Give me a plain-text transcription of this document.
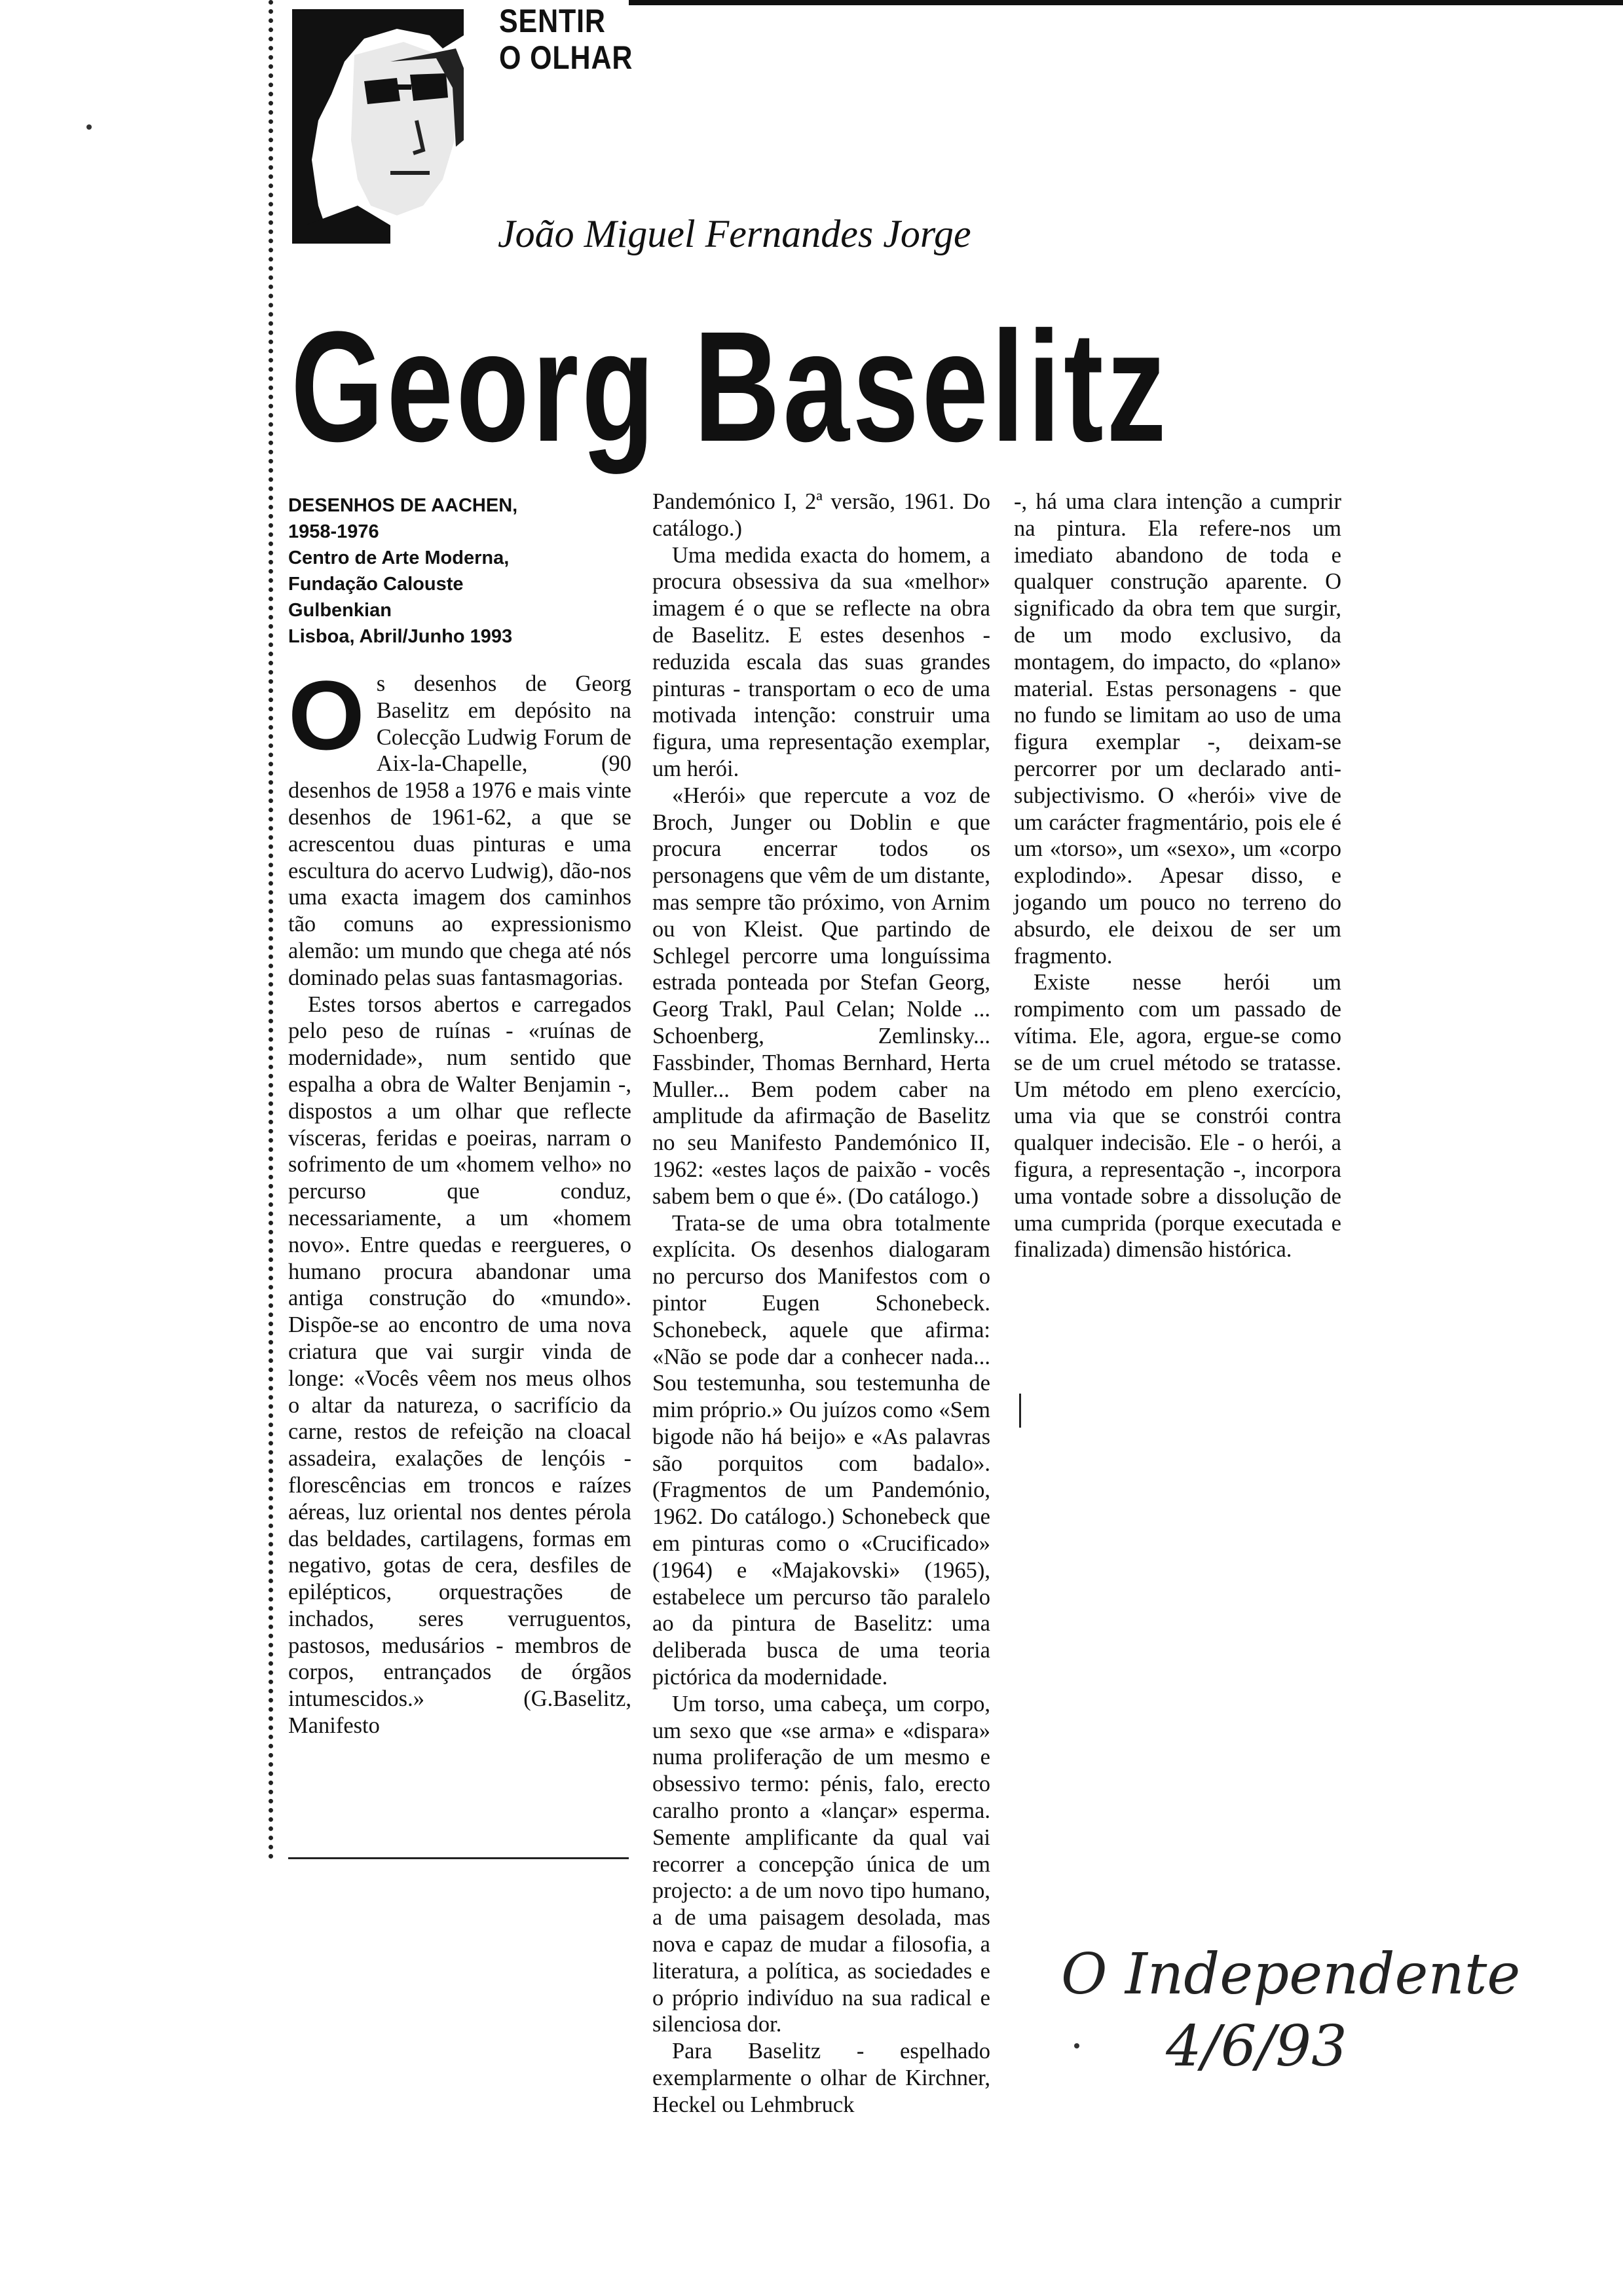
SENTIR
O OLHAR
João Miguel Fernandes Jorge
Georg Baselitz
DESENHOS DE AACHEN,
1958-1976
Centro de Arte Moderna,
Fundação Calouste
Gulbenkian
Lisboa, Abril/Junho 1993
O s desenhos de Georg Baselitz em depósito na Colecção Ludwig Forum de Aix-la-Chapelle, (90 desenhos de 1958 a 1976 e mais vinte desenhos de 1961-62, a que se acrescentou duas pinturas e uma escultura do acervo Ludwig), dão-nos uma exacta imagem dos caminhos tão comuns ao expressionismo alemão: um mundo que chega até nós dominado pelas suas fantasmagorias.

Estes torsos abertos e carregados pelo peso de ruínas - «ruínas de modernidade», num sentido que espalha a obra de Walter Benjamin -, dispostos a um olhar que reflecte vísceras, feridas e poeiras, narram o sofrimento de um «homem velho» no percurso que conduz, necessariamente, a um «homem novo». Entre quedas e reergueres, o humano procura abandonar uma antiga construção do «mundo». Dispõe-se ao encontro de uma nova criatura que vai surgir vinda de longe: «Vocês vêem nos meus olhos o altar da natureza, o sacrifício da carne, restos de refeição na cloacal assadeira, exalações de lençóis - florescências em troncos e raízes aéreas, luz oriental nos dentes pérola das beldades, cartilagens, formas em negativo, gotas de cera, desfiles de epilépticos, orquestrações de inchados, seres verruguentos, pastosos, medusários - membros de corpos, entrançados de órgãos intumescidos.» (G.Baselitz, Manifesto

Pandemónico I, 2ª versão, 1961. Do catálogo.)

Uma medida exacta do homem, a procura obsessiva da sua «melhor» imagem é o que se reflecte na obra de Baselitz. E estes desenhos - reduzida escala das suas grandes pinturas - transportam o eco de uma motivada intenção: construir uma figura, uma representação exemplar, um herói.

«Herói» que repercute a voz de Broch, Junger ou Doblin e que procura encerrar todos os personagens que vêm de um distante, mas sempre tão próximo, von Arnim ou von Kleist. Que partindo de Schlegel percorre uma longuíssima estrada ponteada por Stefan Georg, Georg Trakl, Paul Celan; Nolde ... Schoenberg, Zemlinsky... Fassbinder, Thomas Bernhard, Herta Muller... Bem podem caber na amplitude da afirmação de Baselitz no seu Manifesto Pandemónico II, 1962: «estes laços de paixão - vocês sabem bem o que é». (Do catálogo.)

Trata-se de uma obra totalmente explícita. Os desenhos dialogaram no percurso dos Manifestos com o pintor Eugen Schonebeck. Schonebeck, aquele que afirma: «Não se pode dar a conhecer nada... Sou testemunha, sou testemunha de mim próprio.» Ou juízos como «Sem bigode não há beijo» e «As palavras são porquitos com badalo». (Fragmentos de um Pandemónio, 1962. Do catálogo.) Schonebeck que em pinturas como o «Crucificado» (1964) e «Majakovski» (1965), estabelece um percurso tão paralelo ao da pintura de Baselitz: uma deliberada busca de uma teoria pictórica da modernidade.

Um torso, uma cabeça, um corpo, um sexo que «se arma» e «dispara» numa proliferação de um mesmo e obsessivo termo: pénis, falo, erecto caralho pronto a «lançar» esperma. Semente amplificante da qual vai recorrer a concepção única de um projecto: a de um novo tipo humano, a de uma paisagem desolada, mas nova e capaz de mudar a filosofia, a literatura, a política, as sociedades e o próprio indivíduo na sua radical e silenciosa dor.

Para Baselitz - espelhado exemplarmente o olhar de Kirchner, Heckel ou Lehmbruck

-, há uma clara intenção a cumprir na pintura. Ela refere-nos um imediato abandono de toda e qualquer construção aparente. O significado da obra tem que surgir, de um modo exclusivo, da montagem, do impacto, do «plano» material. Estas personagens - que no fundo se limitam ao uso de uma figura exemplar -, deixam-se percorrer por um declarado anti-subjectivismo. O «herói» vive de um carácter fragmentário, pois ele é um «torso», um «sexo», um «corpo explodindo». Apesar disso, e jogando um pouco no terreno do absurdo, ele deixou de ser um fragmento.

Existe nesse herói um rompimento com um passado de vítima. Ele, agora, ergue-se como se de um cruel método se tratasse. Um método em pleno exercício, uma via que se constrói contra qualquer indecisão. Ele - o herói, a figura, a representação -, incorpora uma vontade sobre a dissolução de uma cumprida (porque executada e finalizada) dimensão histórica.

O Independente
4/6/93
